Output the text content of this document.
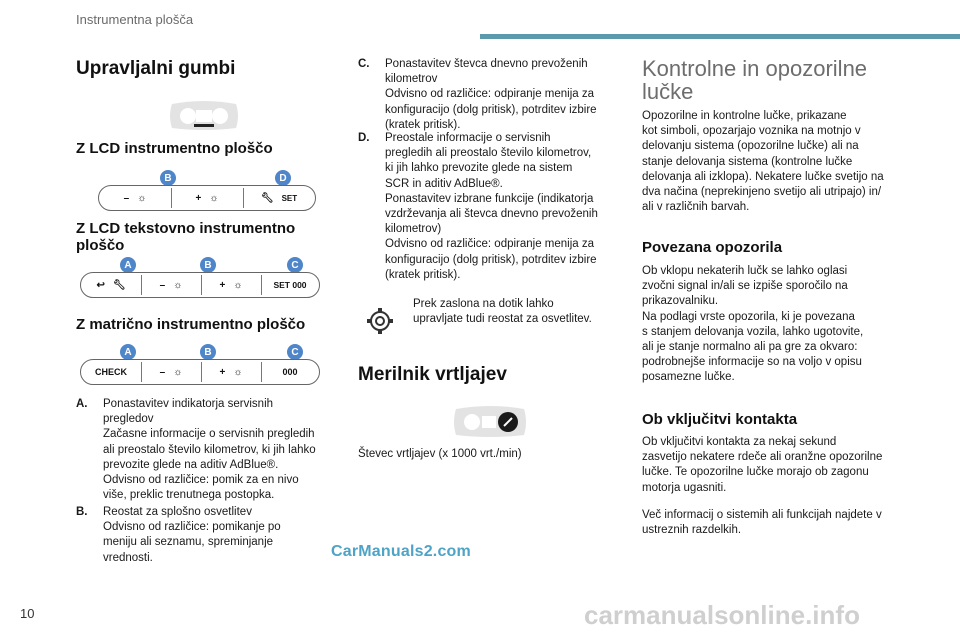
Instrumentna plošča
Upravljalni gumbi
Z LCD instrumentno ploščo
B	D
– ☼	+ ☼	🔧︎ SET
Z LCD tekstovno instrumentno
ploščo
A	B	C
↩ 🔧︎	– ☼	+ ☼	SET 000
Z matrično instrumentno ploščo
A	B	C
CHECK	– ☼	+ ☼	000
A. Ponastavitev indikatorja servisnih
pregledov
Začasne informacije o servisnih pregledih
ali preostalo število kilometrov, ki jih lahko
prevozite glede na aditiv AdBlue®.
Odvisno od različice: pomik za en nivo
više, preklic trenutnega postopka.
B. Reostat za splošno osvetlitev
Odvisno od različice: pomikanje po
meniju ali seznamu, spreminjanje
vrednosti.
C. Ponastavitev števca dnevno prevoženih
kilometrov
Odvisno od različice: odpiranje menija za
konfiguracijo (dolg pritisk), potrditev izbire
(kratek pritisk).
D. Preostale informacije o servisnih
pregledih ali preostalo število kilometrov,
ki jih lahko prevozite glede na sistem
SCR in aditiv AdBlue®.
Ponastavitev izbrane funkcije (indikatorja
vzdrževanja ali števca dnevno prevoženih
kilometrov)
Odvisno od različice: odpiranje menija za
konfiguracijo (dolg pritisk), potrditev izbire
(kratek pritisk).
Prek zaslona na dotik lahko
upravljate tudi reostat za osvetlitev.
Merilnik vrtljajev
Števec vrtljajev (x 1000 vrt./min)
Kontrolne in opozorilne
lučke
Opozorilne in kontrolne lučke, prikazane
kot simboli, opozarjajo voznika na motnjo v
delovanju sistema (opozorilne lučke) ali na
stanje delovanja sistema (kontrolne lučke
delovanja ali izklopa). Nekatere lučke svetijo na
dva načina (neprekinjeno svetijo ali utripajo) in/
ali v različnih barvah.
Povezana opozorila
Ob vklopu nekaterih lučk se lahko oglasi
zvočni signal in/ali se izpiše sporočilo na
prikazovalniku.
Na podlagi vrste opozorila, ki je povezana
s stanjem delovanja vozila, lahko ugotovite,
ali je stanje normalno ali pa gre za okvaro:
podrobnejše informacije so na voljo v opisu
posamezne lučke.
Ob vključitvi kontakta
Ob vključitvi kontakta za nekaj sekund
zasvetijo nekatere rdeče ali oranžne opozorilne
lučke. Te opozorilne lučke morajo ob zagonu
motorja ugasniti.
Več informacij o sistemih ali funkcijah najdete v
ustreznih razdelkih.
CarManuals2.com
10	carmanualsonline.info
